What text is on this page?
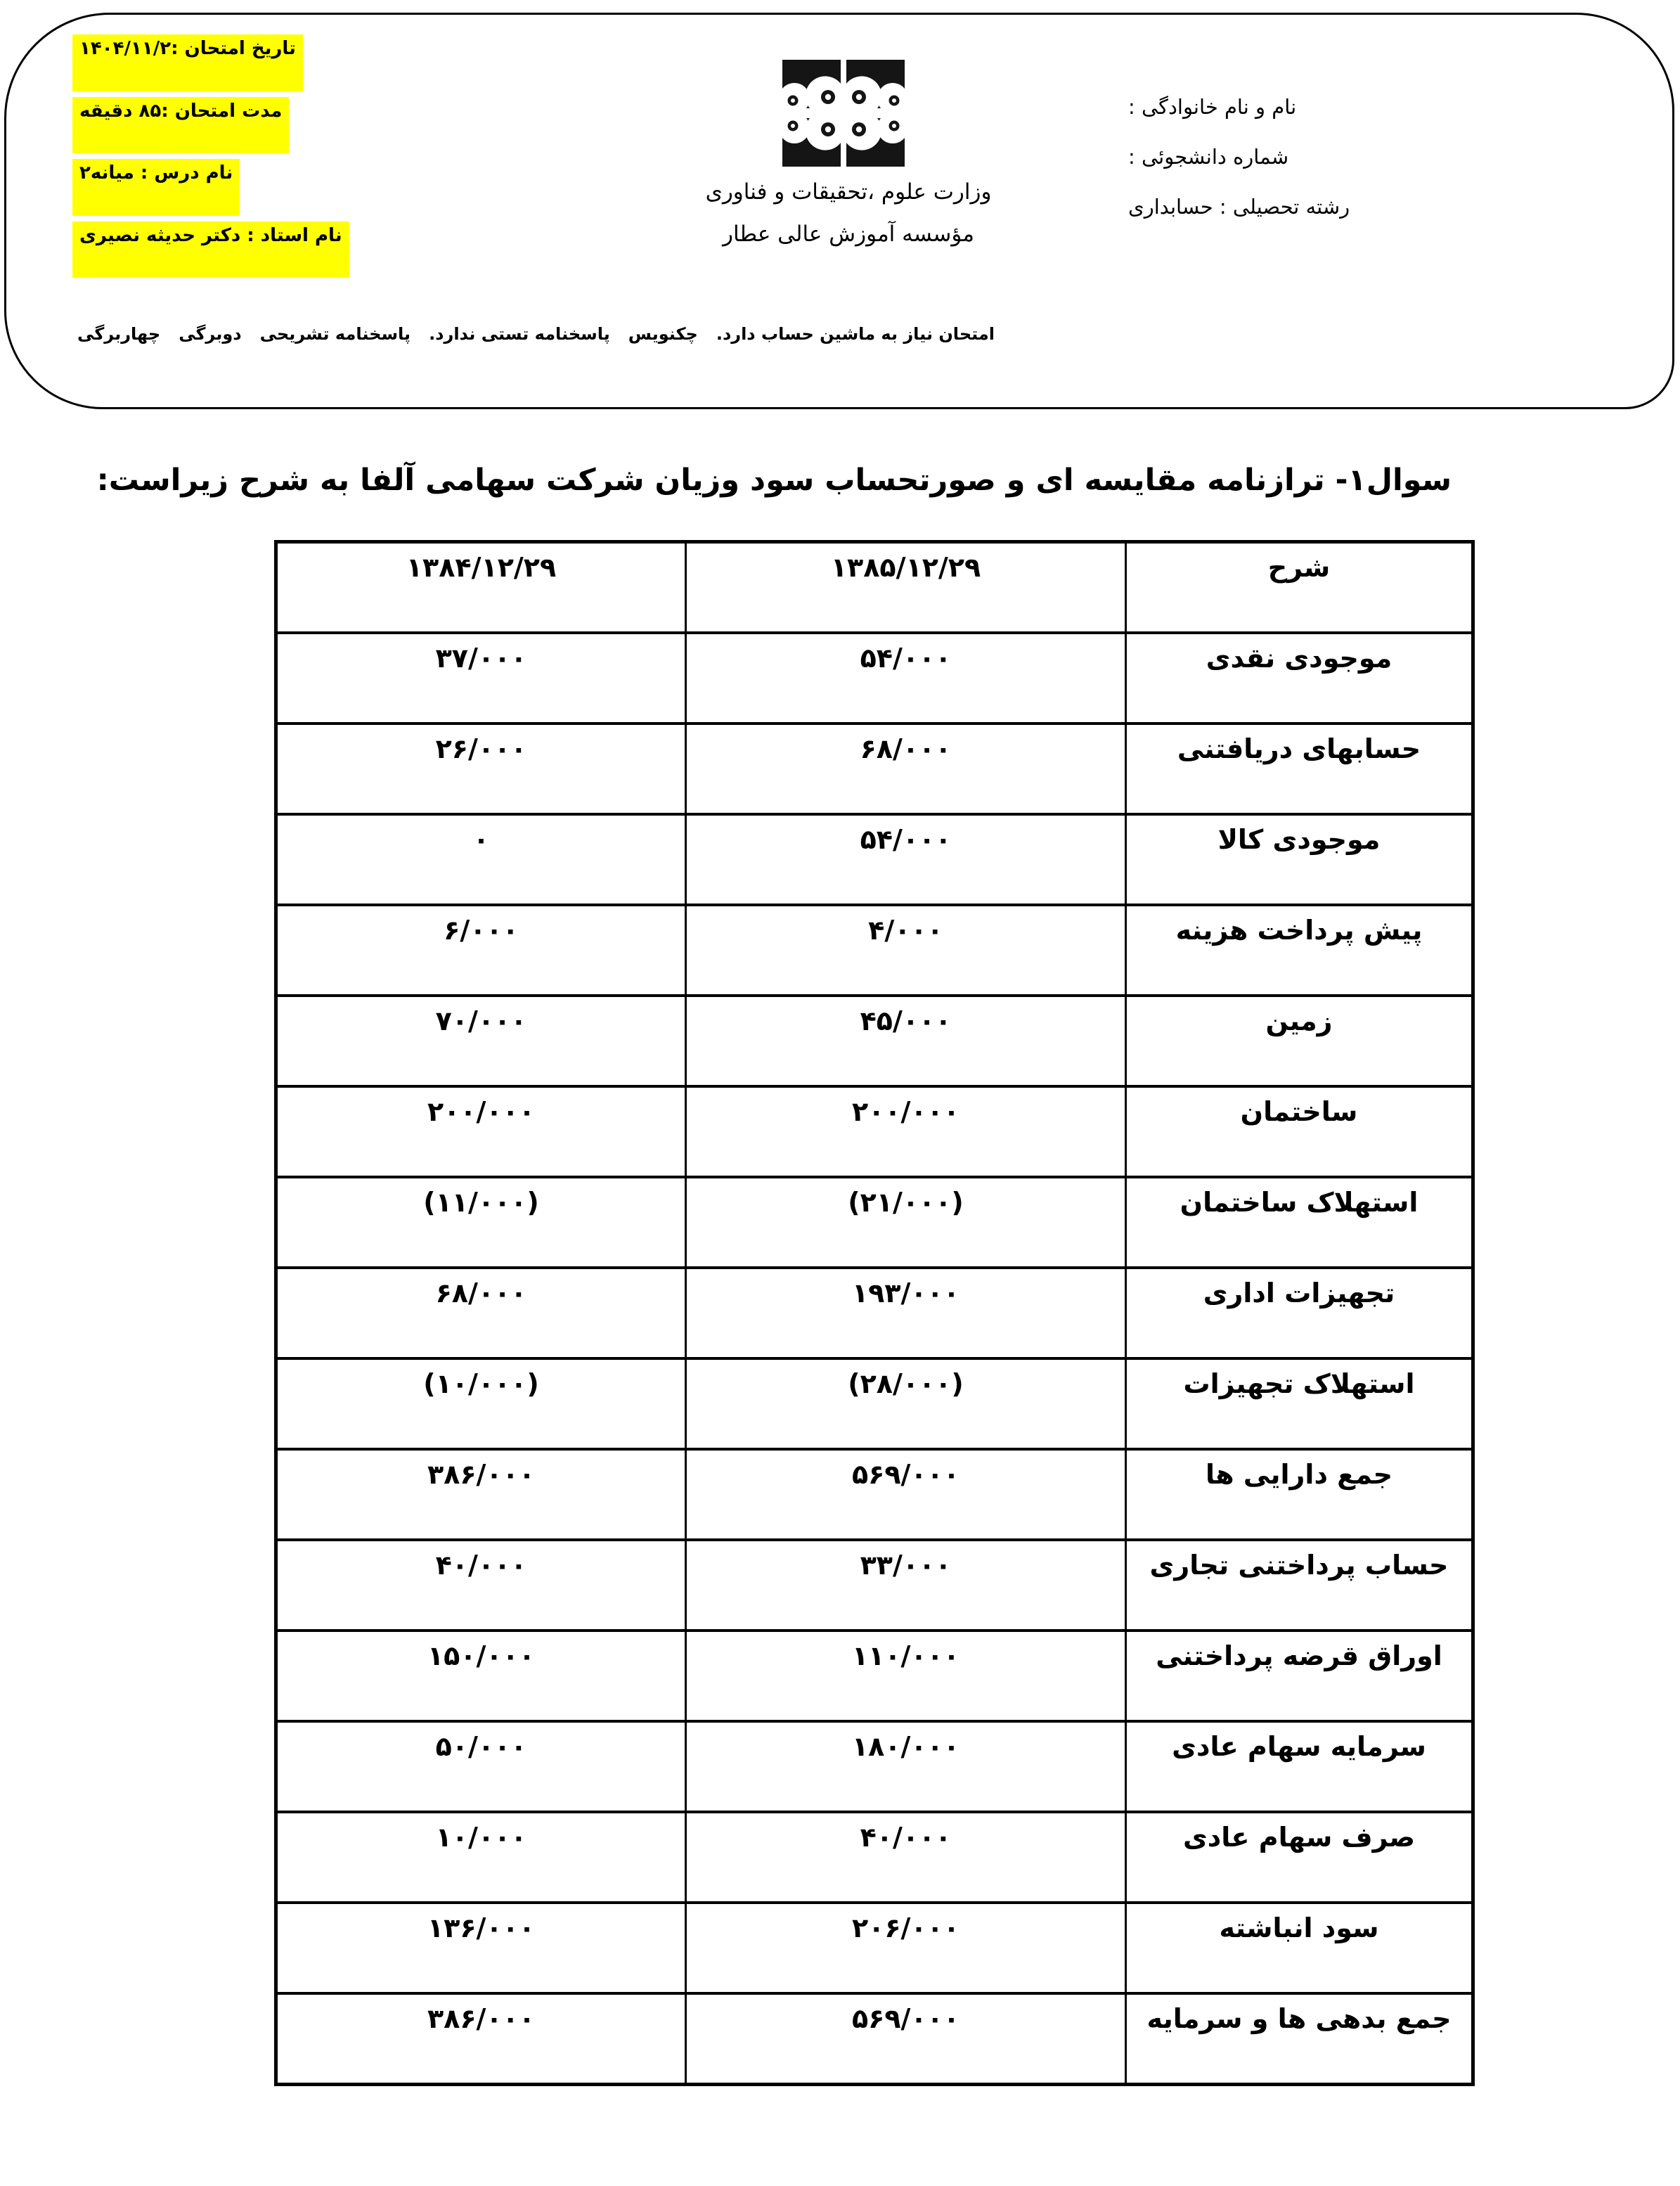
تاریخ امتحان :۱۴۰۴/۱۱/۲
مدت امتحان :۸۵ دقیقه
نام درس : میانه۲
نام استاد : دکتر حدیثه نصیری
وزارت علوم ،تحقیقات و فناوری
مؤسسه آموزش عالی عطار
نام و نام خانوادگی :
شماره دانشجوئی :
رشته تحصیلی : حسابداری
امتحان نیاز به ماشین حساب دارد.
چکنویس
پاسخنامه تستی ندارد.
پاسخنامه تشریحی
دوبرگی
چهاربرگی
سوال۱- ترازنامه مقایسه ای و صورتحساب سود وزیان شرکت سهامی آلفا به شرح زیراست:
شرح	۱۳۸۵/۱۲/۲۹	۱۳۸۴/۱۲/۲۹
موجودی نقدی	۵۴/۰۰۰	۳۷/۰۰۰
حسابهای دریافتنی	۶۸/۰۰۰	۲۶/۰۰۰
موجودی کالا	۵۴/۰۰۰	۰
پیش پرداخت هزینه	۴/۰۰۰	۶/۰۰۰
زمین	۴۵/۰۰۰	۷۰/۰۰۰
ساختمان	۲۰۰/۰۰۰	۲۰۰/۰۰۰
استهلاک ساختمان	(۲۱/۰۰۰)	(۱۱/۰۰۰)
تجهیزات اداری	۱۹۳/۰۰۰	۶۸/۰۰۰
استهلاک تجهیزات	(۲۸/۰۰۰)	(۱۰/۰۰۰)
جمع دارایی ها	۵۶۹/۰۰۰	۳۸۶/۰۰۰
حساب پرداختنی تجاری	۳۳/۰۰۰	۴۰/۰۰۰
اوراق قرضه پرداختنی	۱۱۰/۰۰۰	۱۵۰/۰۰۰
سرمایه سهام عادی	۱۸۰/۰۰۰	۵۰/۰۰۰
صرف سهام عادی	۴۰/۰۰۰	۱۰/۰۰۰
سود انباشته	۲۰۶/۰۰۰	۱۳۶/۰۰۰
جمع بدهی ها و سرمایه	۵۶۹/۰۰۰	۳۸۶/۰۰۰
